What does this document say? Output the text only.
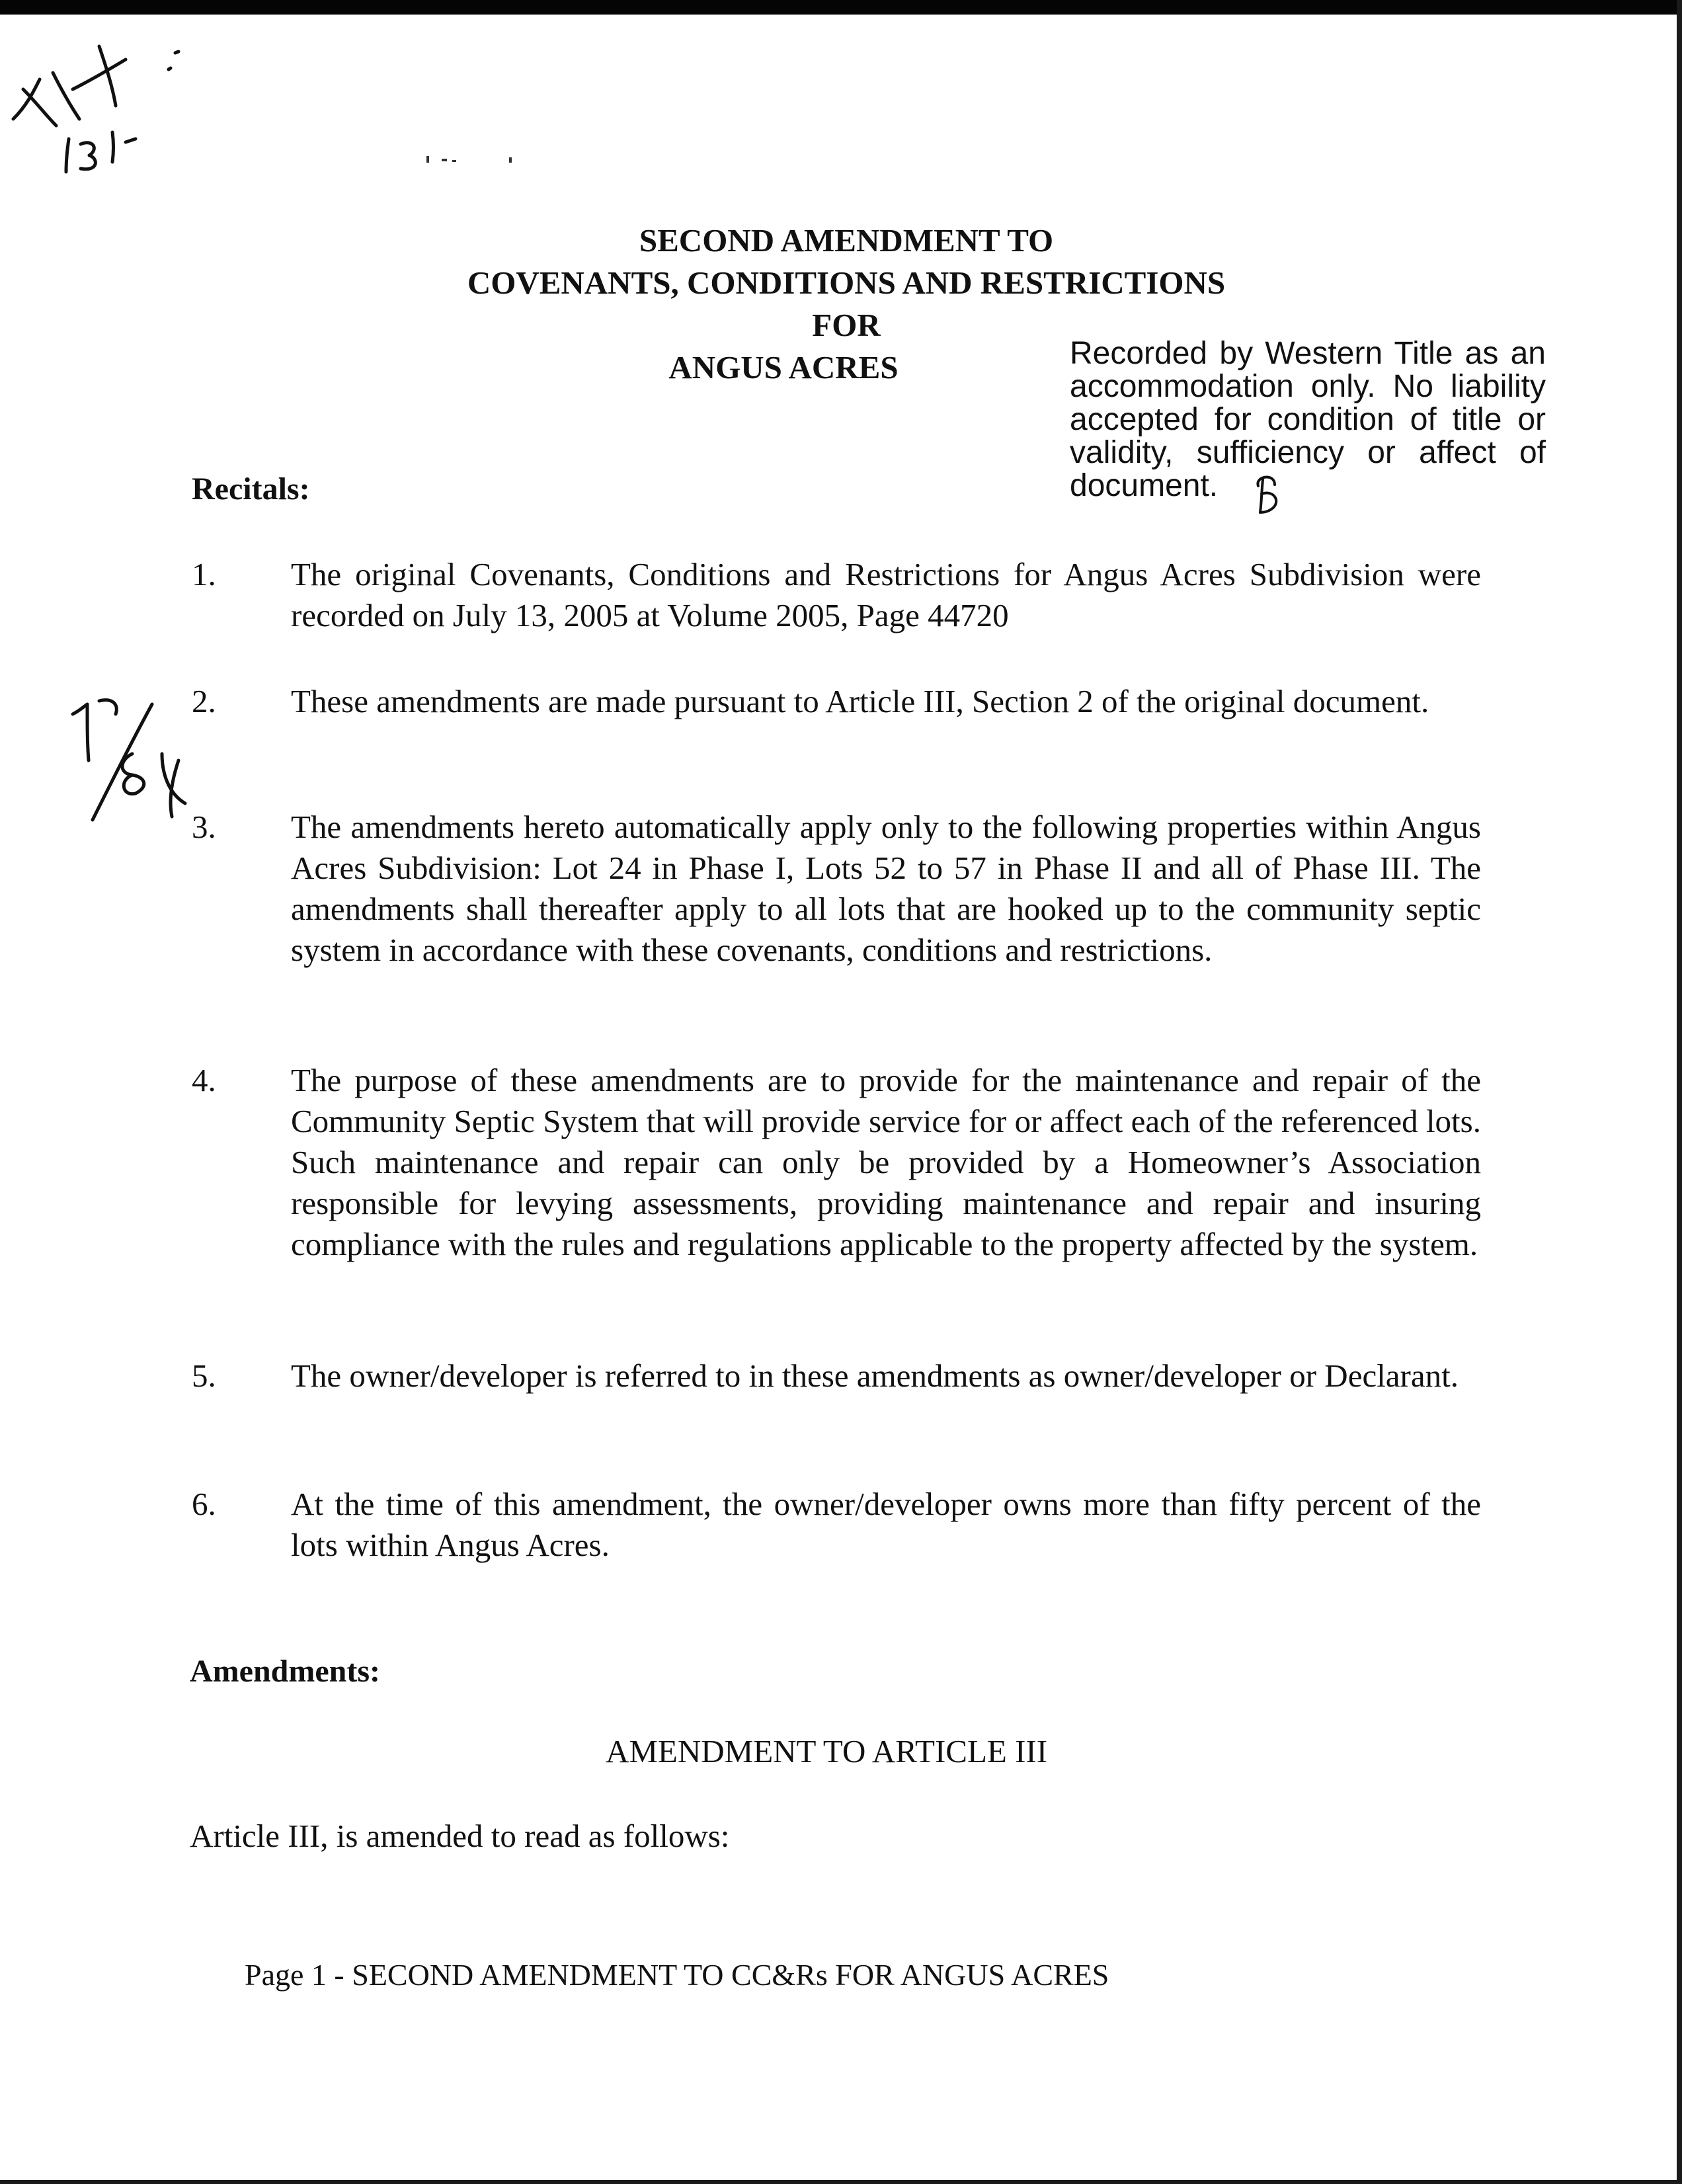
SECOND AMENDMENT TO
COVENANTS, CONDITIONS AND RESTRICTIONS
FOR
ANGUS ACRES	Recorded by Western Title as an accommodation only. No liability accepted for condition of title or validity, sufficiency or affect of document.
Recitals:
1.	The original Covenants, Conditions and Restrictions for Angus Acres Subdivision were recorded on July 13, 2005 at Volume 2005, Page 44720
2.	These amendments are made pursuant to Article III, Section 2 of the original document.
3.	The amendments hereto automatically apply only to the following properties within Angus Acres Subdivision: Lot 24 in Phase I, Lots 52 to 57 in Phase II and all of Phase III. The amendments shall thereafter apply to all lots that are hooked up to the community septic system in accordance with these covenants, conditions and restrictions.
4.	The purpose of these amendments are to provide for the maintenance and repair of the Community Septic System that will provide service for or affect each of the referenced lots. Such maintenance and repair can only be provided by a Homeowner’s Association responsible for levying assessments, providing maintenance and repair and insuring compliance with the rules and regulations applicable to the property affected by the system.
5.	The owner/developer is referred to in these amendments as owner/developer or Declarant.
6.	At the time of this amendment, the owner/developer owns more than fifty percent of the lots within Angus Acres.
Amendments:
AMENDMENT TO ARTICLE III
Article III, is amended to read as follows:
Page 1 - SECOND AMENDMENT TO CC&Rs FOR ANGUS ACRES
